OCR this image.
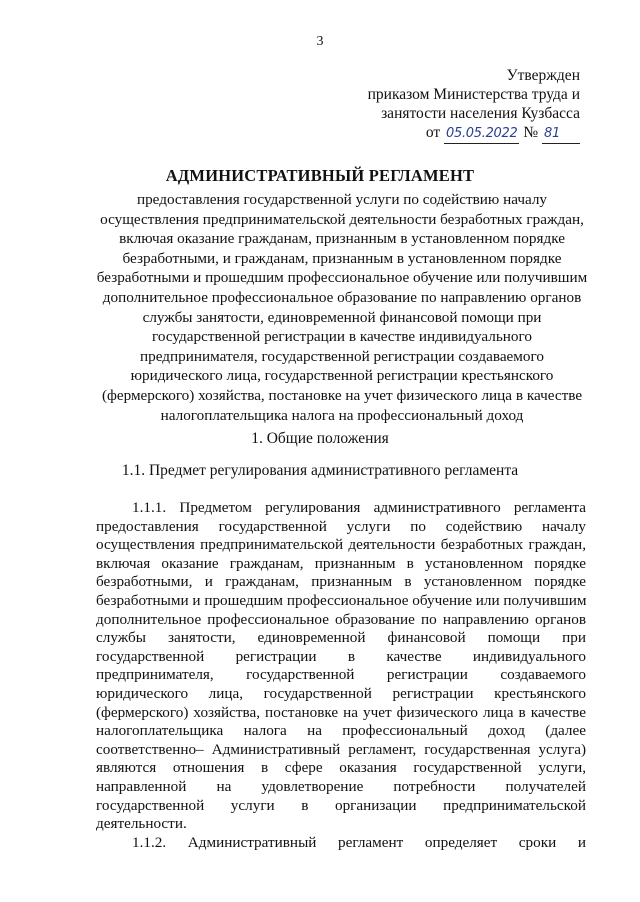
3
Утвержден
приказом Министерства труда и
занятости населения Кузбасса
от 05.05.2022 № 81
АДМИНИСТРАТИВНЫЙ РЕГЛАМЕНТ
предоставления государственной услуги по содействию началу
осуществления предпринимательской деятельности безработных граждан,
включая оказание гражданам, признанным в установленном порядке
безработными, и гражданам, признанным в установленном порядке
безработными и прошедшим профессиональное обучение или получившим
дополнительное профессиональное образование по направлению органов
службы занятости, единовременной финансовой помощи при
государственной регистрации в качестве индивидуального
предпринимателя, государственной регистрации создаваемого
юридического лица, государственной регистрации крестьянского
(фермерского) хозяйства, постановке на учет физического лица в качестве
налогоплательщика налога на профессиональный доход
1. Общие положения
1.1. Предмет регулирования административного регламента
1.1.1. Предметом регулирования административного регламента
предоставления государственной услуги по содействию началу
осуществления предпринимательской деятельности безработных граждан,
включая оказание гражданам, признанным в установленном порядке
безработными, и гражданам, признанным в установленном порядке
безработными и прошедшим профессиональное обучение или получившим
дополнительное профессиональное образование по направлению органов
службы занятости, единовременной финансовой помощи при
государственной регистрации в качестве индивидуального
предпринимателя, государственной регистрации создаваемого
юридического лица, государственной регистрации крестьянского
(фермерского) хозяйства, постановке на учет физического лица в качестве
налогоплательщика налога на профессиональный доход (далее
соответственно– Административный регламент, государственная услуга)
являются отношения в сфере оказания государственной услуги,
направленной на удовлетворение потребности получателей
государственной услуги в организации предпринимательской
деятельности.
1.1.2. Административный регламент определяет сроки и
